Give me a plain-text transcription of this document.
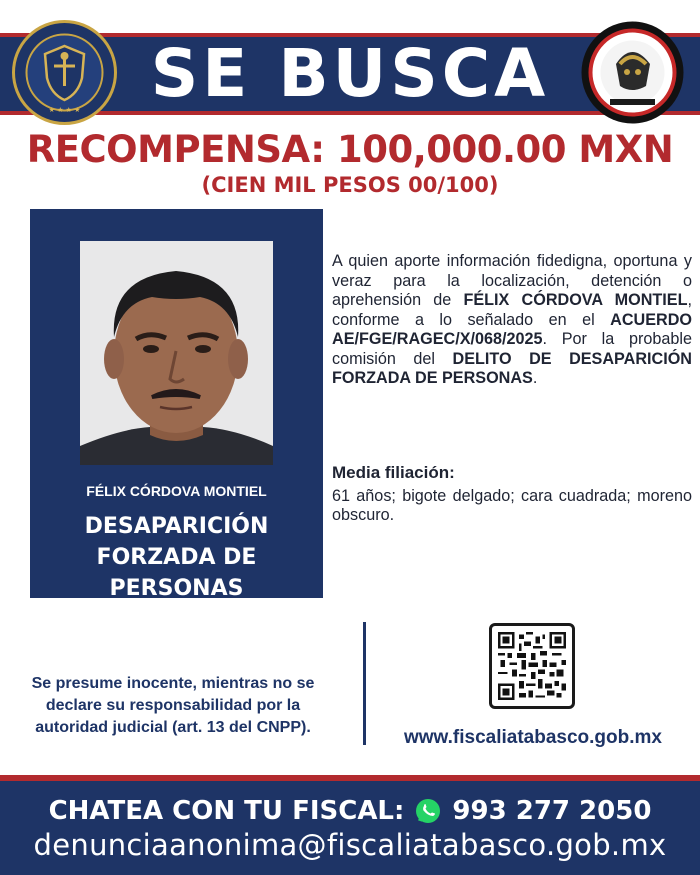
SE BUSCA
★ ★ ★ ★
RECOMPENSA: 100,000.00 MXN
(CIEN MIL PESOS 00/100)
FÉLIX CÓRDOVA MONTIEL
DESAPARICIÓN
FORZADA DE PERSONAS
A quien aporte información fidedigna, oportuna y veraz para la localización, detención o aprehensión de FÉLIX CÓRDOVA MONTIEL, conforme a lo señalado en el ACUERDO AE/FGE/RAGEC/X/068/2025. Por la probable comisión del DELITO DE DESAPARICIÓN FORZADA DE PERSONAS.
Media filiación:
61 años; bigote delgado; cara cuadrada; moreno obscuro.
Se presume inocente, mientras no se
declare su responsabilidad por la
autoridad judicial (art. 13 del CNPP).	www.fiscaliatabasco.gob.mx
CHATEA CON TU FISCAL: 993 277 2050
denunciaanonima@fiscaliatabasco.gob.mx
